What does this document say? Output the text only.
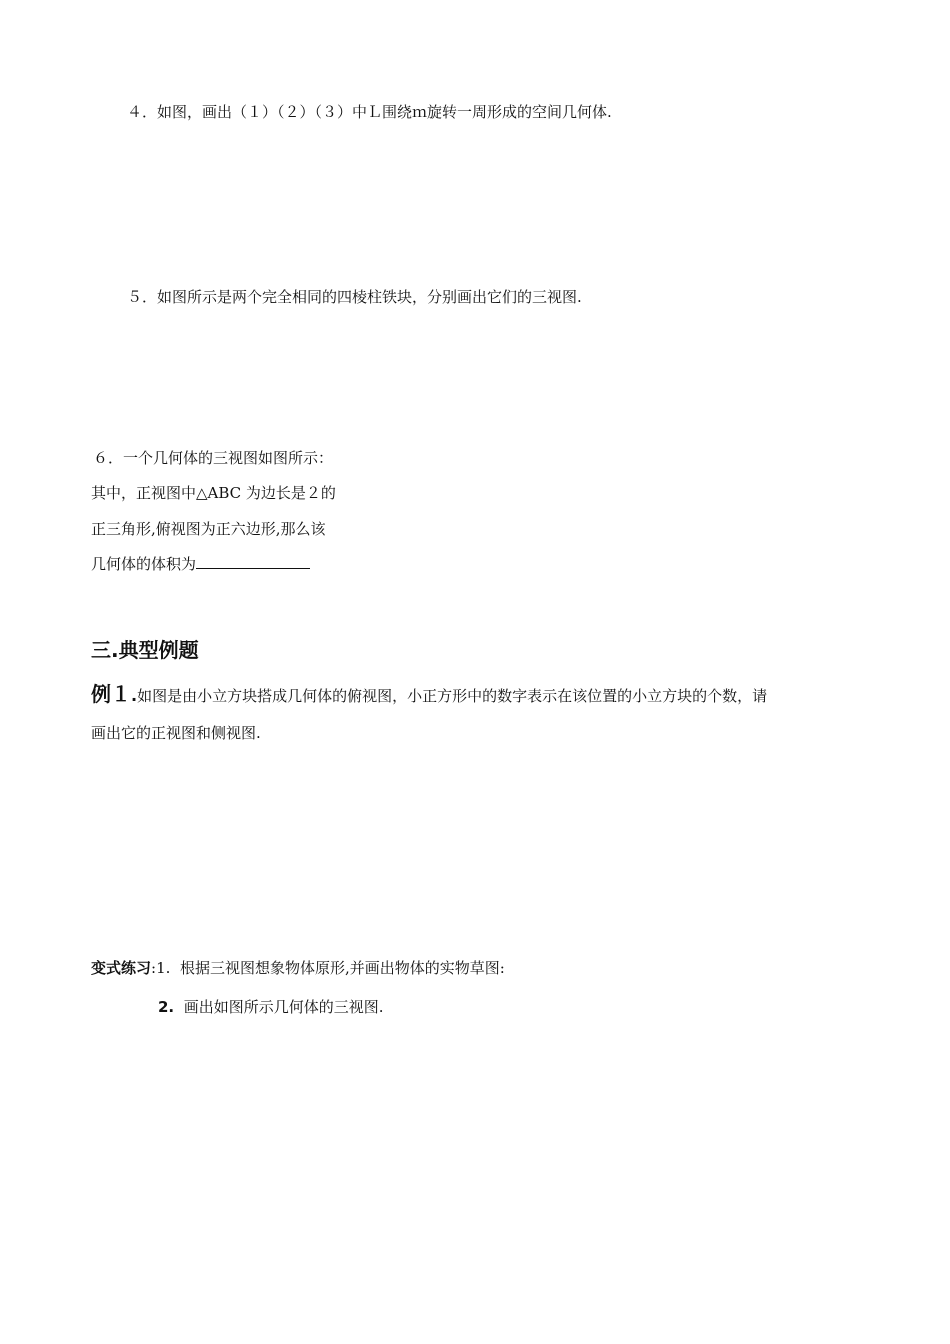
４．如图，画出（１）（２）（３）中Ｌ围绕ｍ旋转一周形成的空间几何体.
５．如图所示是两个完全相同的四棱柱铁块，分别画出它们的三视图.
６．一个几何体的三视图如图所示：
其中，正视图中△ABC 为边长是２的
正三角形,俯视图为正六边形,那么该
几何体的体积为
三.典型例题
例１.如图是由小立方块搭成几何体的俯视图，小正方形中的数字表示在该位置的小立方块的个数，请
画出它的正视图和侧视图.
变式练习:1. 根据三视图想象物体原形,并画出物体的实物草图:
2. 画出如图所示几何体的三视图.
